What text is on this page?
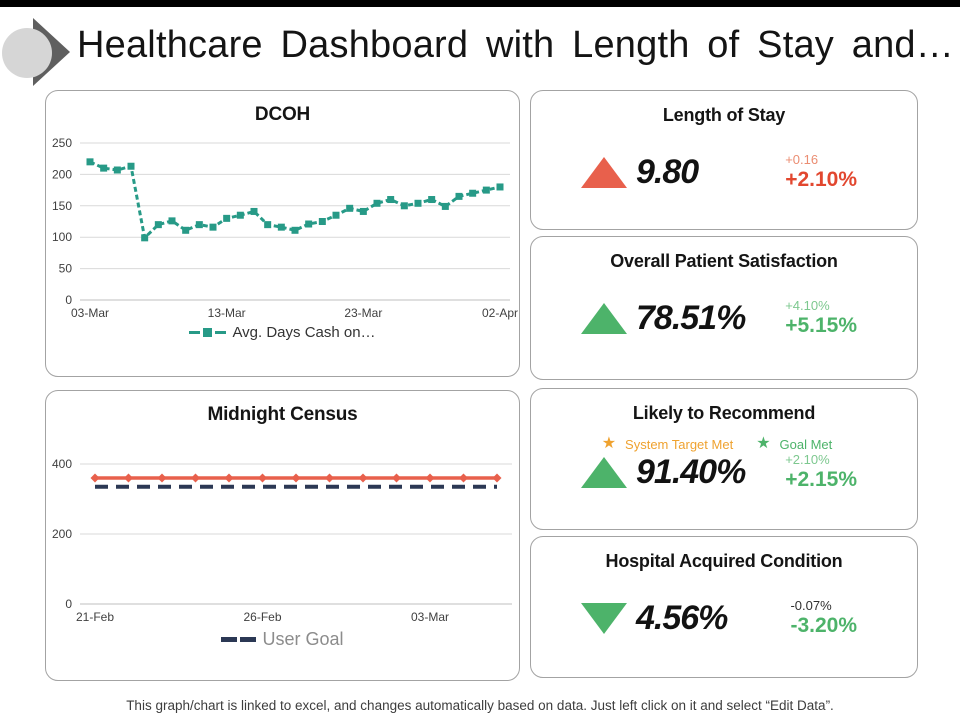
Healthcare Dashboard with Length of Stay and…
DCOH
0
50
100
150
200
250
03-Mar	13-Mar	23-Mar	02-Apr
Avg. Days Cash on…
Midnight Census
0
200
400
21-Feb	26-Feb	03-Mar
User Goal
Length of Stay
9.80	+0.16
+2.10%
Overall Patient Satisfaction
78.51%	+4.10%
+5.15%
Likely to Recommend
★ System Target Met ★ Goal Met
91.40%	+2.10%
+2.15%
Hospital Acquired Condition
4.56%	-0.07%
-3.20%
This graph/chart is linked to excel, and changes automatically based on data. Just left click on it and select “Edit Data”.
